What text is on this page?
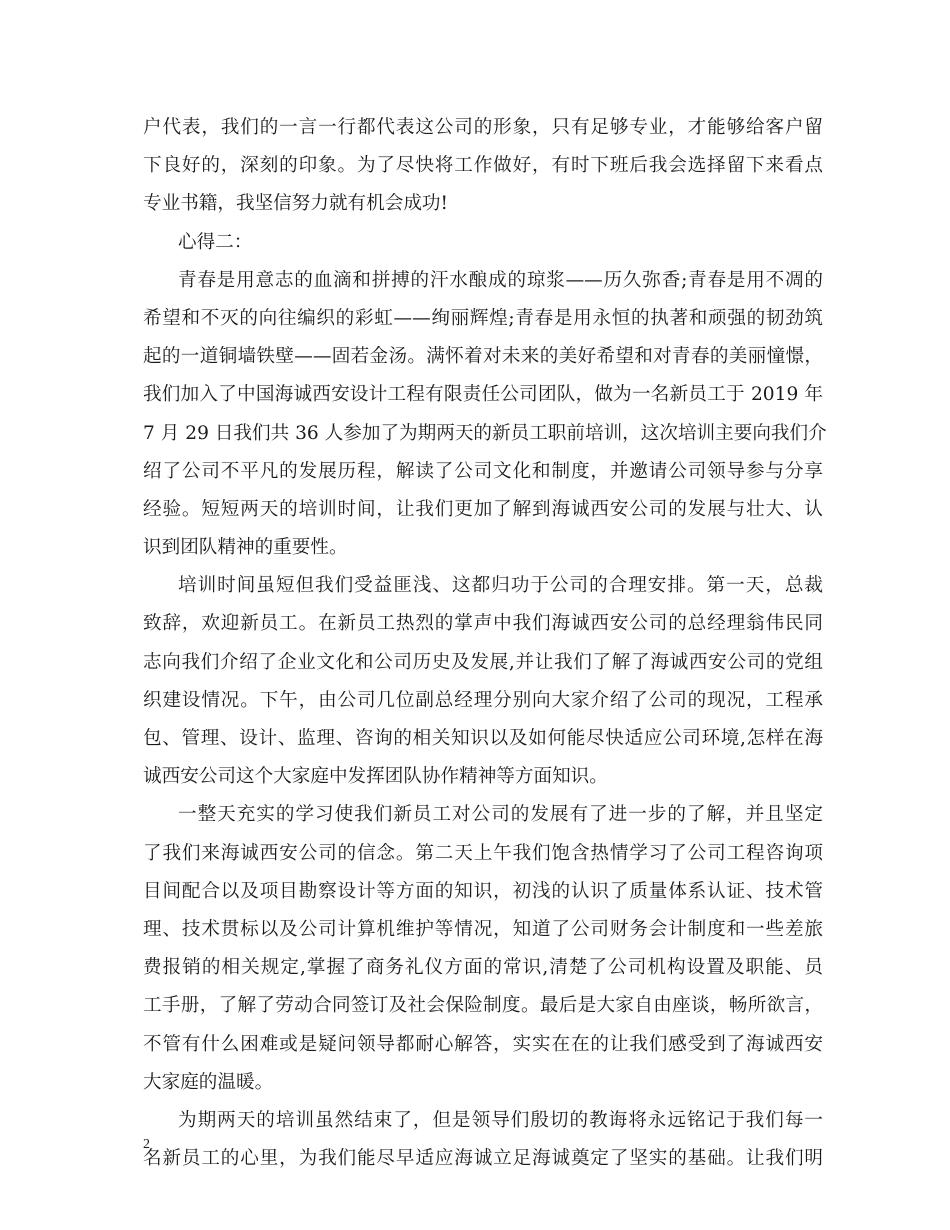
户代表，我们的一言一行都代表这公司的形象，只有足够专业，才能够给客户留
下良好的，深刻的印象。为了尽快将工作做好，有时下班后我会选择留下来看点
专业书籍，我坚信努力就有机会成功!
心得二：
青春是用意志的血滴和拼搏的汗水酿成的琼浆——历久弥香;青春是用不凋的
希望和不灭的向往编织的彩虹——绚丽辉煌;青春是用永恒的执著和顽强的韧劲筑
起的一道铜墙铁壁——固若金汤。满怀着对未来的美好希望和对青春的美丽憧憬，
我们加入了中国海诚西安设计工程有限责任公司团队，做为一名新员工于 2019 年
7 月 29 日我们共 36 人参加了为期两天的新员工职前培训，这次培训主要向我们介
绍了公司不平凡的发展历程，解读了公司文化和制度，并邀请公司领导参与分享
经验。短短两天的培训时间，让我们更加了解到海诚西安公司的发展与壮大、认
识到团队精神的重要性。
培训时间虽短但我们受益匪浅、这都归功于公司的合理安排。第一天，总裁
致辞，欢迎新员工。在新员工热烈的掌声中我们海诚西安公司的总经理翁伟民同
志向我们介绍了企业文化和公司历史及发展,并让我们了解了海诚西安公司的党组
织建设情况。下午，由公司几位副总经理分别向大家介绍了公司的现况，工程承
包、管理、设计、监理、咨询的相关知识以及如何能尽快适应公司环境,怎样在海
诚西安公司这个大家庭中发挥团队协作精神等方面知识。
一整天充实的学习使我们新员工对公司的发展有了进一步的了解，并且坚定
了我们来海诚西安公司的信念。第二天上午我们饱含热情学习了公司工程咨询项
目间配合以及项目勘察设计等方面的知识，初浅的认识了质量体系认证、技术管
理、技术贯标以及公司计算机维护等情况，知道了公司财务会计制度和一些差旅
费报销的相关规定,掌握了商务礼仪方面的常识,清楚了公司机构设置及职能、员
工手册，了解了劳动合同签订及社会保险制度。最后是大家自由座谈，畅所欲言，
不管有什么困难或是疑问领导都耐心解答，实实在在的让我们感受到了海诚西安
大家庭的温暖。
为期两天的培训虽然结束了，但是领导们殷切的教诲将永远铭记于我们每一
名新员工的心里，为我们能尽早适应海诚立足海诚奠定了坚实的基础。让我们明
2
